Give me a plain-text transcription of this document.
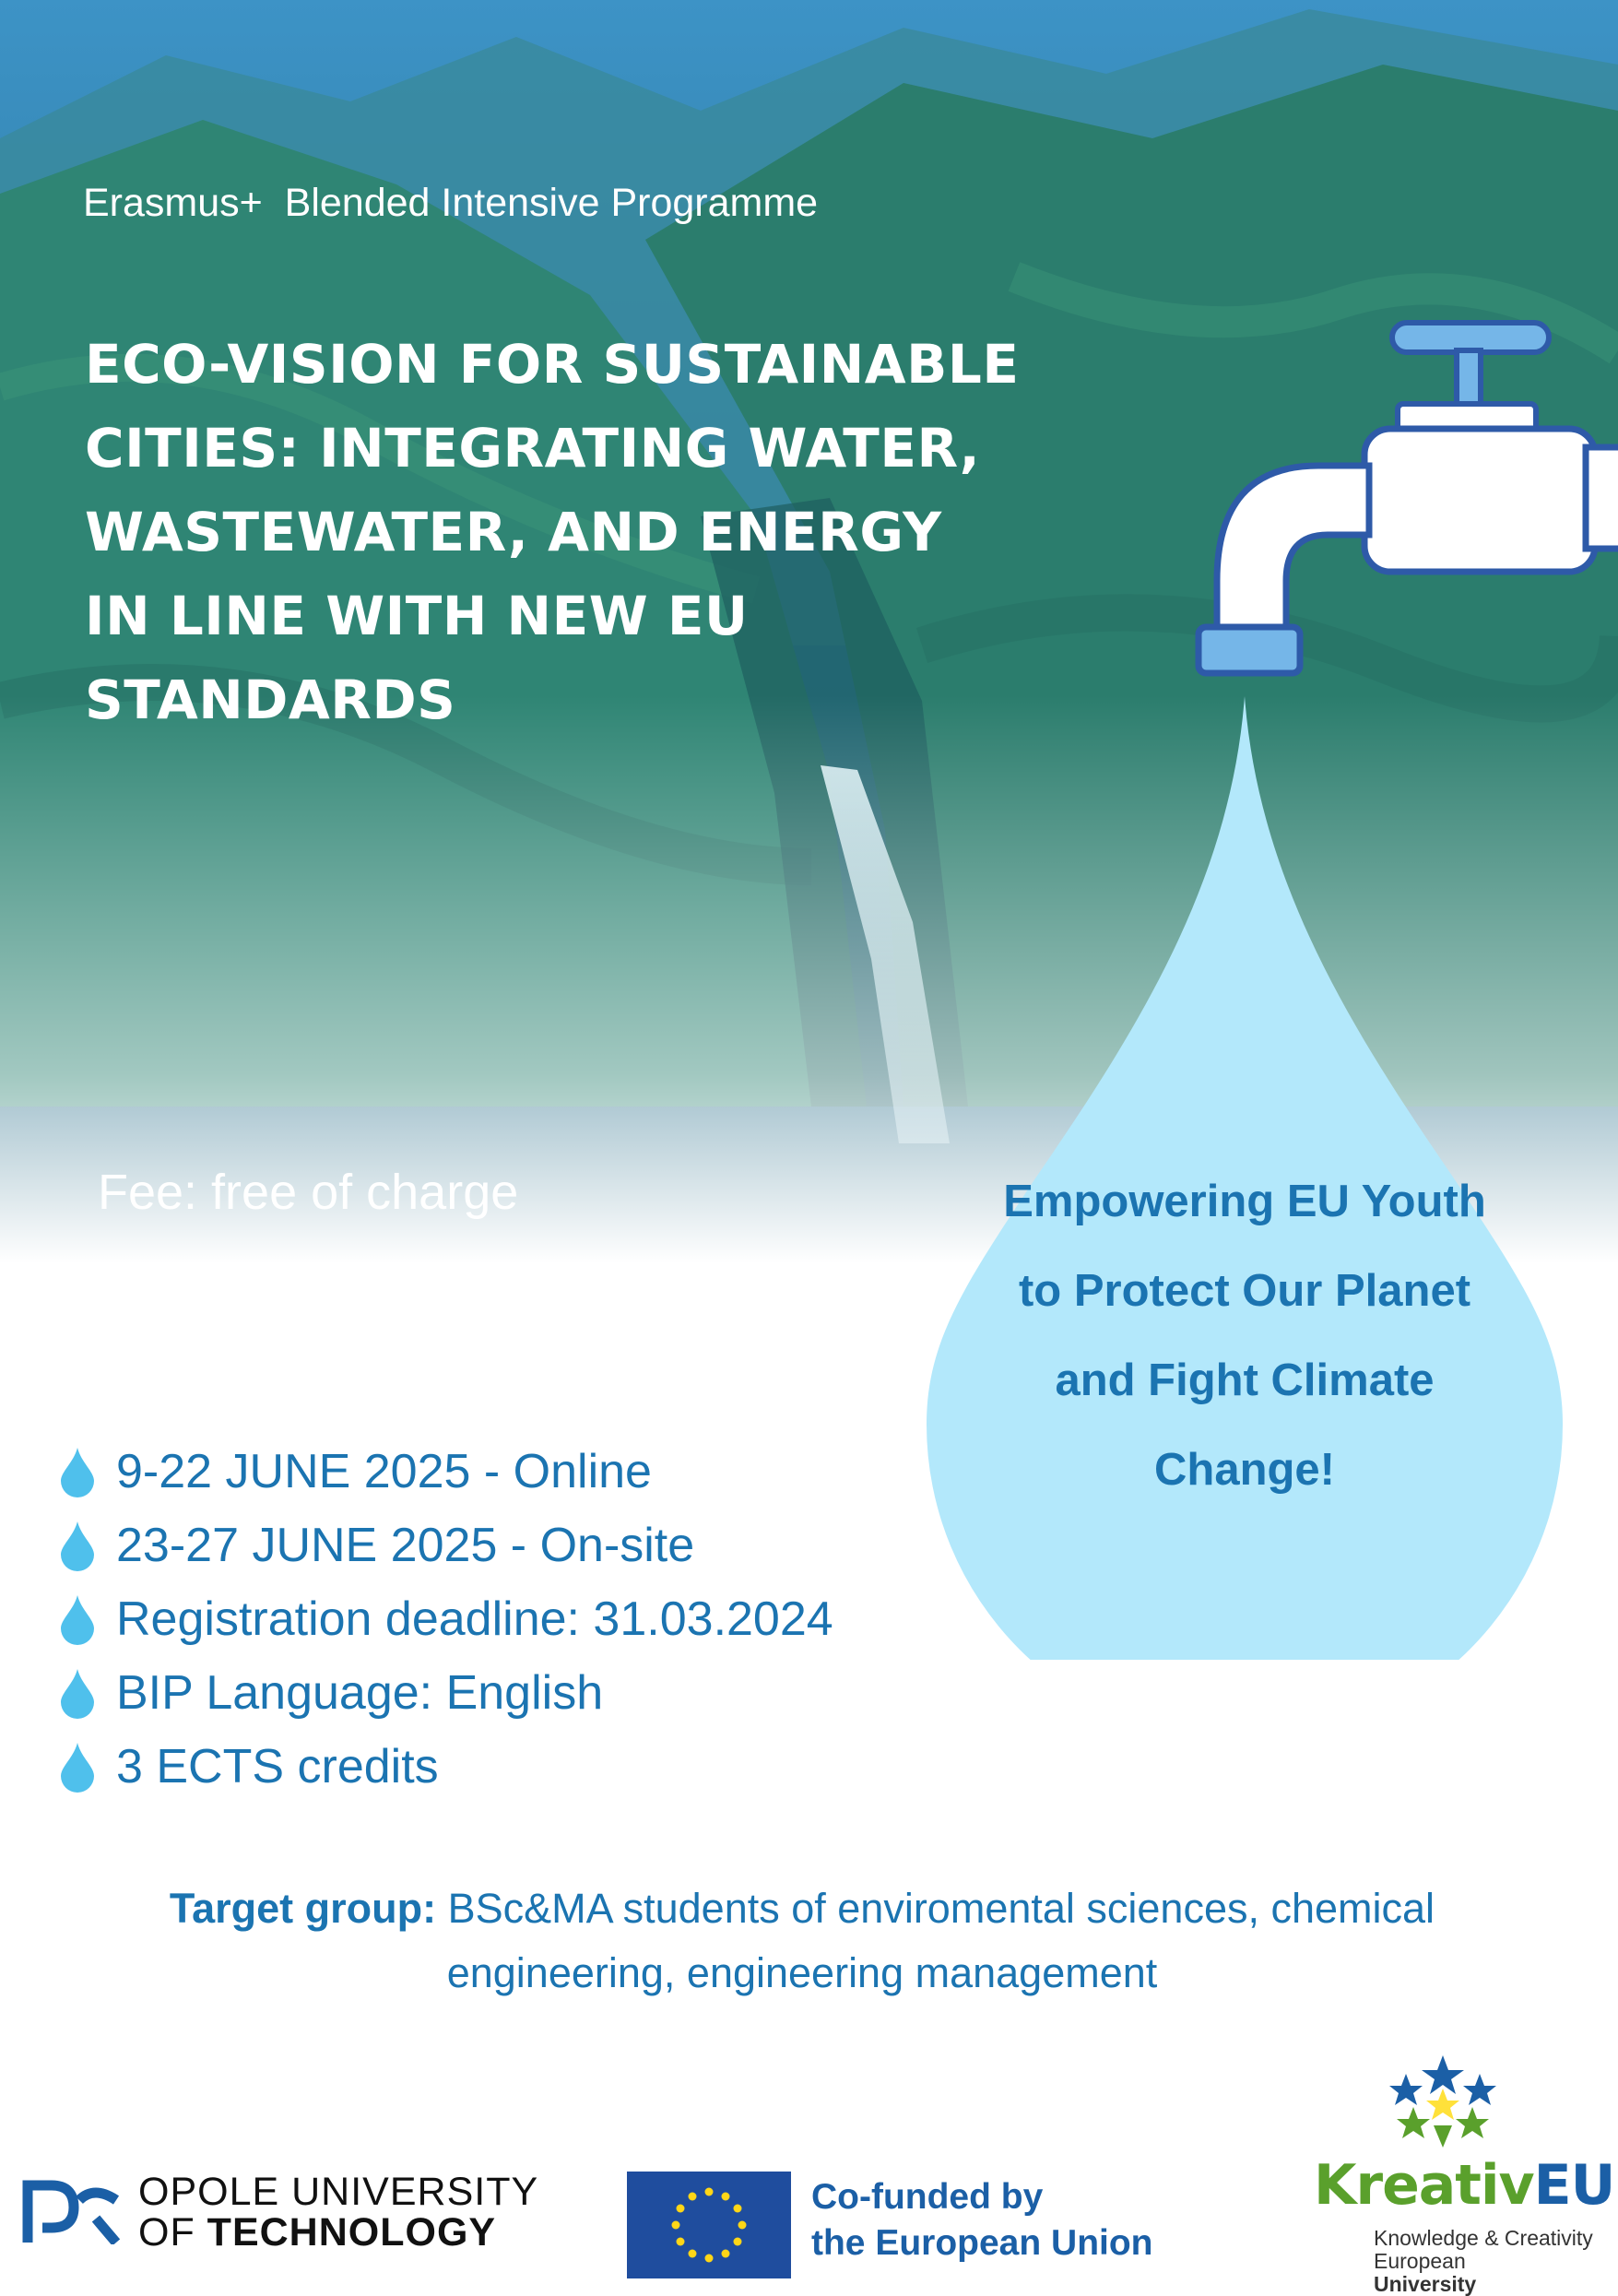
Erasmus+  Blended Intensive Programme
ECO-VISION FOR SUSTAINABLE
CITIES: INTEGRATING WATER,
WASTEWATER, AND ENERGY
IN LINE WITH NEW EU
STANDARDS
Fee: free of charge	Empowering EU Youth
to Protect Our Planet
and Fight Climate
Change!
9-22 JUNE 2025 - Online
23-27 JUNE 2025 - On-site
Registration deadline: 31.03.2024
BIP Language: English
3 ECTS credits
Target group: BSc&MA students of enviromental sciences, chemical engineering, engineering management
OPOLE UNIVERSITY
OF TECHNOLOGY
Co-funded by
the European Union
KreativEU
Knowledge & Creativity
European
University
